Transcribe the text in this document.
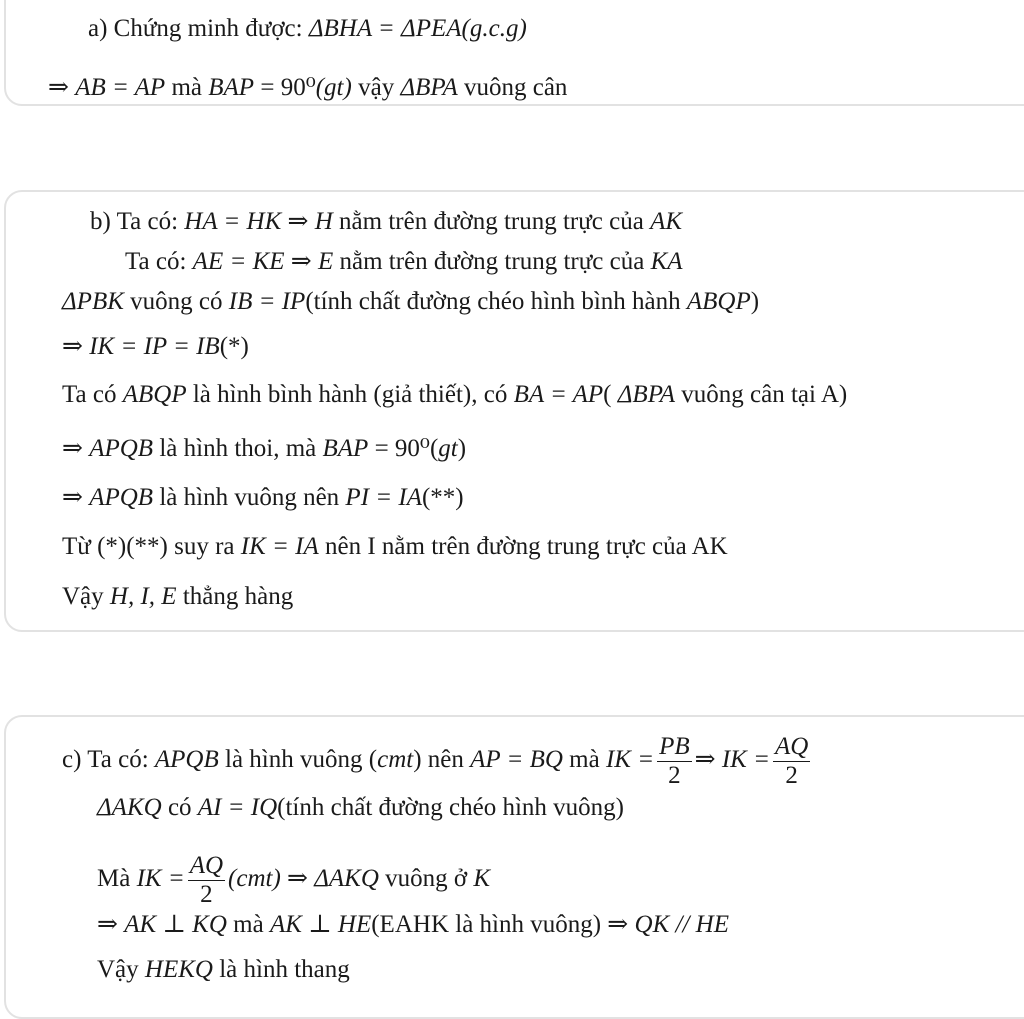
a) Chứng minh được: ΔBHA = ΔPEA(g.c.g)
⇒ AB = AP mà BAP = 90⁰(gt) vậy ΔBPA vuông cân
b) Ta có: HA = HK ⇒ H nằm trên đường trung trực của AK
Ta có: AE = KE ⇒ E nằm trên đường trung trực của KA
ΔPBK vuông có IB = IP(tính chất đường chéo hình bình hành ABQP)
⇒ IK = IP = IB(*)
Ta có ABQP là hình bình hành (giả thiết), có BA = AP( ΔBPA vuông cân tại A)
⇒ APQB là hình thoi, mà BAP = 90⁰(gt)
⇒ APQB là hình vuông nên PI = IA(**)
Từ (*)(**) suy ra IK = IA nên I nằm trên đường trung trực của AK
Vậy H, I, E thẳng hàng
c) Ta có: APQB là hình vuông (cmt) nên AP = BQ mà IK = $\frac{PB}{2}$ ⇒ IK = $\frac{AQ}{2}$
ΔAKQ có AI = IQ(tính chất đường chéo hình vuông)
Mà IK = $\frac{AQ}{2} (cmt)$ ⇒ ΔAKQ vuông ở K
⇒ AK ⊥ KQ mà AK ⊥ HE(EAHK là hình vuông) ⇒ QK // HE
Vậy HEKQ là hình thang
